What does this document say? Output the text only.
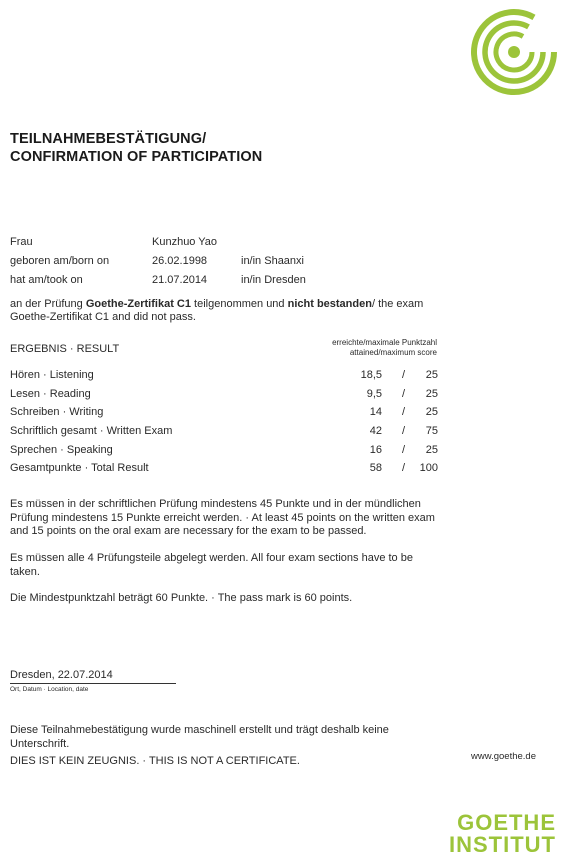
TEILNAHMEBESTÄTIGUNG/
CONFIRMATION OF PARTICIPATION
Frau	Kunzhuo Yao
geboren am/born on	26.02.1998	in/in Shaanxi
hat am/took on	21.07.2014	in/in Dresden
an der Prüfung Goethe-Zertifikat C1 teilgenommen und nicht bestanden/ the exam
Goethe-Zertifikat C1 and did not pass.
ERGEBNIS · RESULT
erreichte/maximale Punktzahl
attained/maximum score
Hören · Listening	18,5 /	25
Lesen · Reading	9,5 /	25
Schreiben · Writing	14 /	25
Schriftlich gesamt · Written Exam	42 /	75
Sprechen · Speaking	16 /	25
Gesamtpunkte · Total Result	58 /	100
Es müssen in der schriftlichen Prüfung mindestens 45 Punkte und in der mündlichen Prüfung mindestens 15 Punkte erreicht werden. · At least 45 points on the written exam and 15 points on the oral exam are necessary for the exam to be passed.
Es müssen alle 4 Prüfungsteile abgelegt werden. All four exam sections have to be taken.
Die Mindestpunktzahl beträgt 60 Punkte. · The pass mark is 60 points.
Dresden, 22.07.2014
Ort, Datum · Location, date
Diese Teilnahmebestätigung wurde maschinell erstellt und trägt deshalb keine Unterschrift.
DIES IST KEIN ZEUGNIS. · THIS IS NOT A CERTIFICATE.	www.goethe.de
GOETHE
INSTITUT
